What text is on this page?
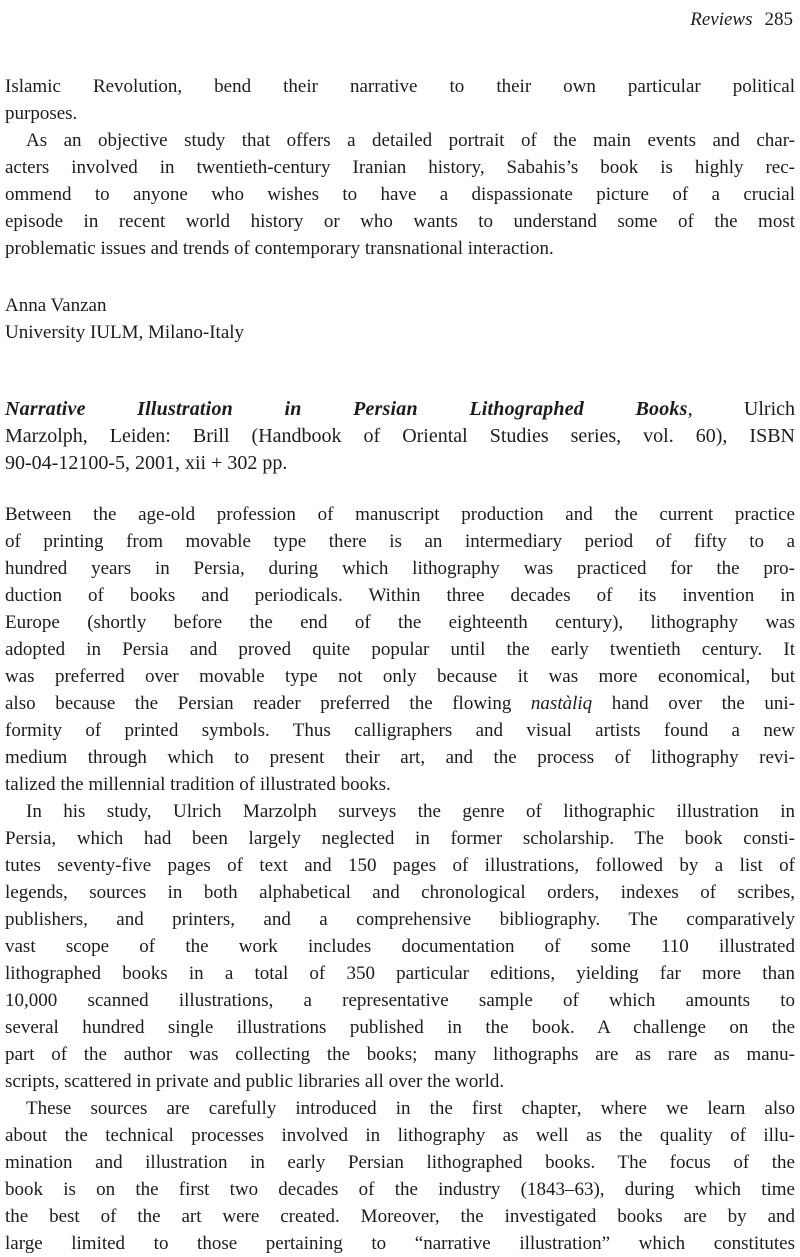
Reviews 285
Islamic Revolution, bend their narrative to their own particular political
purposes.
As an objective study that offers a detailed portrait of the main events and char-
acters involved in twentieth-century Iranian history, Sabahis’s book is highly rec-
ommend to anyone who wishes to have a dispassionate picture of a crucial
episode in recent world history or who wants to understand some of the most
problematic issues and trends of contemporary transnational interaction.
Anna Vanzan
University IULM, Milano-Italy
Narrative Illustration in Persian Lithographed Books, Ulrich
Marzolph, Leiden: Brill (Handbook of Oriental Studies series, vol. 60), ISBN
90-04-12100-5, 2001, xii + 302 pp.
Between the age-old profession of manuscript production and the current practice
of printing from movable type there is an intermediary period of fifty to a
hundred years in Persia, during which lithography was practiced for the pro-
duction of books and periodicals. Within three decades of its invention in
Europe (shortly before the end of the eighteenth century), lithography was
adopted in Persia and proved quite popular until the early twentieth century. It
was preferred over movable type not only because it was more economical, but
also because the Persian reader preferred the flowing nastàliq hand over the uni-
formity of printed symbols. Thus calligraphers and visual artists found a new
medium through which to present their art, and the process of lithography revi-
talized the millennial tradition of illustrated books.
In his study, Ulrich Marzolph surveys the genre of lithographic illustration in
Persia, which had been largely neglected in former scholarship. The book consti-
tutes seventy-five pages of text and 150 pages of illustrations, followed by a list of
legends, sources in both alphabetical and chronological orders, indexes of scribes,
publishers, and printers, and a comprehensive bibliography. The comparatively
vast scope of the work includes documentation of some 110 illustrated
lithographed books in a total of 350 particular editions, yielding far more than
10,000 scanned illustrations, a representative sample of which amounts to
several hundred single illustrations published in the book. A challenge on the
part of the author was collecting the books; many lithographs are as rare as manu-
scripts, scattered in private and public libraries all over the world.
These sources are carefully introduced in the first chapter, where we learn also
about the technical processes involved in lithography as well as the quality of illu-
mination and illustration in early Persian lithographed books. The focus of the
book is on the first two decades of the industry (1843–63), during which time
the best of the art were created. Moreover, the investigated books are by and
large limited to those pertaining to “narrative illustration” which constitutes
